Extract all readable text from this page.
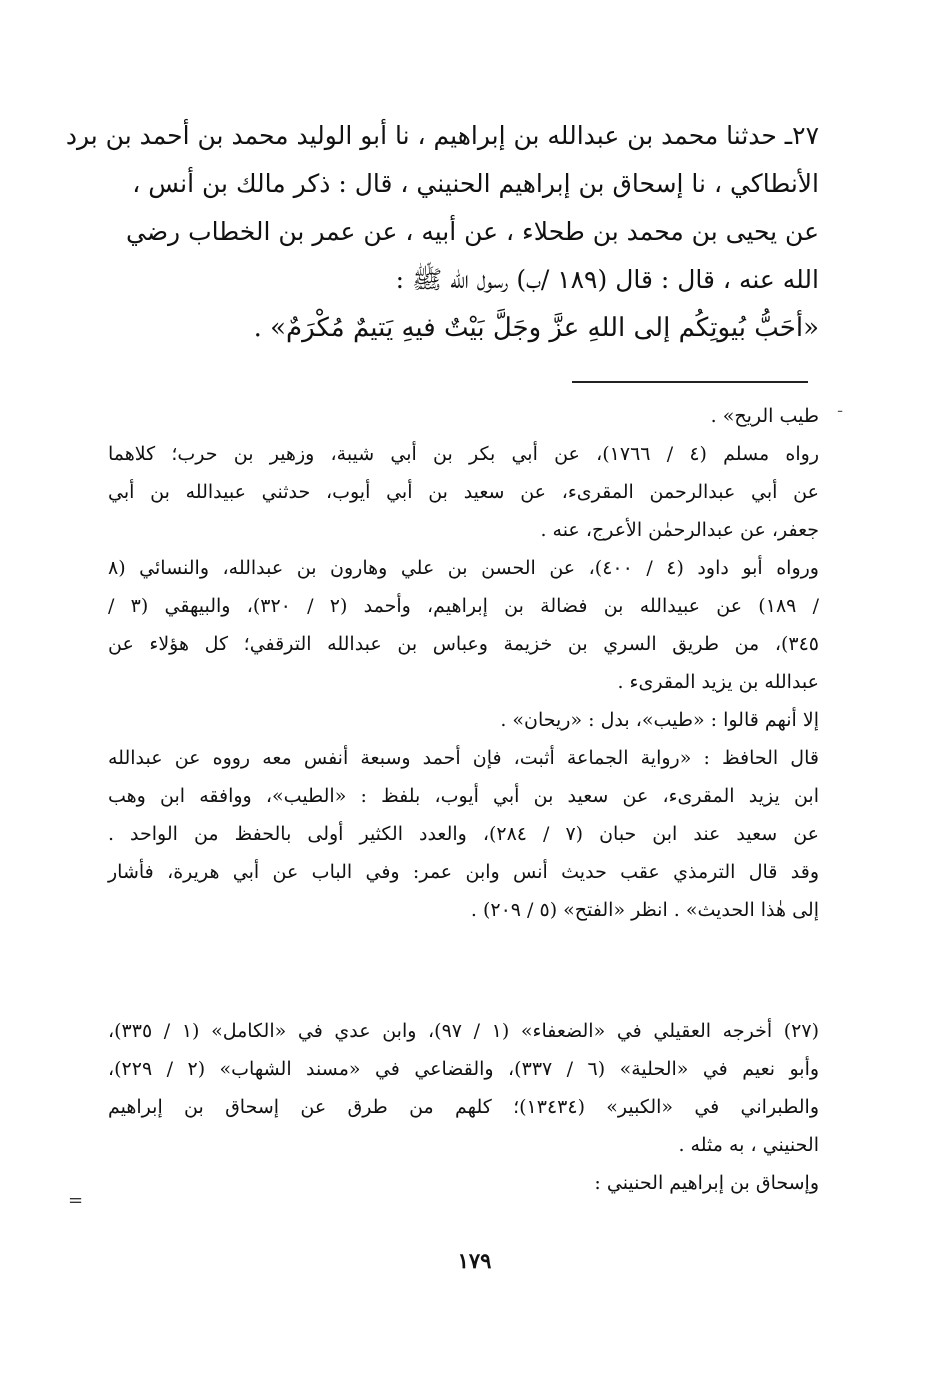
٢٧ـ حدثنا محمد بن عبدالله بن إبراهيم ، نا أبو الوليد محمد بن أحمد بن برد
الأنطاكي ، نا إسحاق بن إبراهيم الحنيني ، قال : ذكر مالك بن أنس ،
عن يحيى بن محمد بن طحلاء ، عن أبيه ، عن عمر بن الخطاب رضي
الله عنه ، قال : قال (١٨٩ /ب) رسول الله ﷺ :
«أحَبُّ بُيوتِكُم إلى اللهِ عزَّ وجَلَّ بَيْتٌ فيهِ يَتيمٌ مُكْرَمٌ» .
ـ
طيب الريح» .
رواه مسلم (٤ / ١٧٦٦)، عن أبي بكر بن أبي شيبة، وزهير بن حرب؛ كلاهما
عن أبي عبدالرحمن المقرىء، عن سعيد بن أبي أيوب، حدثني عبيدالله بن أبي
جعفر، عن عبدالرحمٰن الأعرج، عنه .
ورواه أبو داود (٤ / ٤٠٠)، عن الحسن بن علي وهارون بن عبدالله، والنسائي (٨
/ ١٨٩) عن عبيدالله بن فضالة بن إبراهيم، وأحمد (٢ / ٣٢٠)، والبيهقي (٣ /
٣٤٥)، من طريق السري بن خزيمة وعباس بن عبدالله الترقفي؛ كل هؤلاء عن
عبدالله بن يزيد المقرىء .
إلا أنهم قالوا : «طيب»، بدل : «ريحان» .
قال الحافظ : «رواية الجماعة أثبت، فإن أحمد وسبعة أنفس معه رووه عن عبدالله
ابن يزيد المقرىء، عن سعيد بن أبي أيوب، بلفظ : «الطيب»، ووافقه ابن وهب
عن سعيد عند ابن حبان (٧ / ٢٨٤)، والعدد الكثير أولى بالحفظ من الواحد .
وقد قال الترمذي عقب حديث أنس وابن عمر: وفي الباب عن أبي هريرة، فأشار
إلى هٰذا الحديث» . انظر «الفتح» (٥ / ٢٠٩) .
(٢٧) أخرجه العقيلي في «الضعفاء» (١ / ٩٧)، وابن عدي في «الكامل» (١ / ٣٣٥)،
وأبو نعيم في «الحلية» (٦ / ٣٣٧)، والقضاعي في «مسند الشهاب» (٢ / ٢٢٩)،
والطبراني في «الكبير» (١٣٤٣٤)؛ كلهم من طرق عن إسحاق بن إبراهيم
الحنيني ، به مثله .
وإسحاق بن إبراهيم الحنيني :
=
١٧٩
